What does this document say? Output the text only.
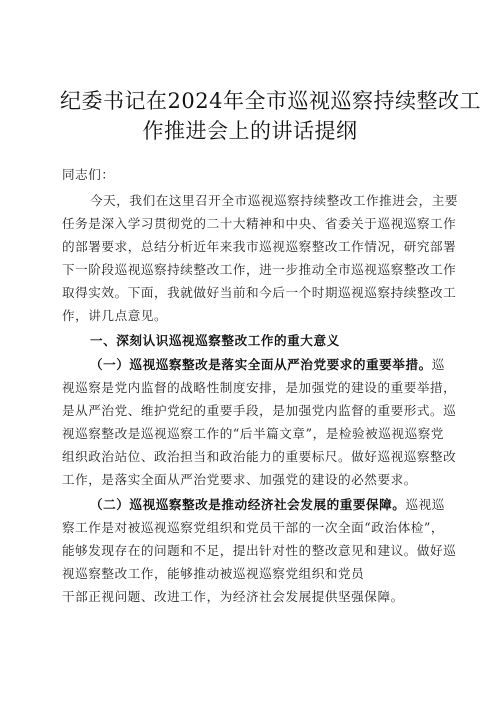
纪委书记在2024年全市巡视巡察持续整改工
作推进会上的讲话提纲
同志们：
今天，我们在这里召开全市巡视巡察持续整改工作推进会，主要
任务是深入学习贯彻党的二十大精神和中央、省委关于巡视巡察工作
的部署要求，总结分析近年来我市巡视巡察整改工作情况，研究部署
下一阶段巡视巡察持续整改工作，进一步推动全市巡视巡察整改工作
取得实效。下面，我就做好当前和今后一个时期巡视巡察持续整改工
作，讲几点意见。
一、深刻认识巡视巡察整改工作的重大意义
（一）巡视巡察整改是落实全面从严治党要求的重要举措。巡
视巡察是党内监督的战略性制度安排，是加强党的建设的重要举措，
是从严治党、维护党纪的重要手段，是加强党内监督的重要形式。巡
视巡察整改是巡视巡察工作的“后半篇文章”，是检验被巡视巡察党
组织政治站位、政治担当和政治能力的重要标尺。做好巡视巡察整改
工作，是落实全面从严治党要求、加强党的建设的必然要求。
（二）巡视巡察整改是推动经济社会发展的重要保障。巡视巡
察工作是对被巡视巡察党组织和党员干部的一次全面“政治体检”，
能够发现存在的问题和不足，提出针对性的整改意见和建议。做好巡
视巡察整改工作，能够推动被巡视巡察党组织和党员
干部正视问题、改进工作，为经济社会发展提供坚强保障。
